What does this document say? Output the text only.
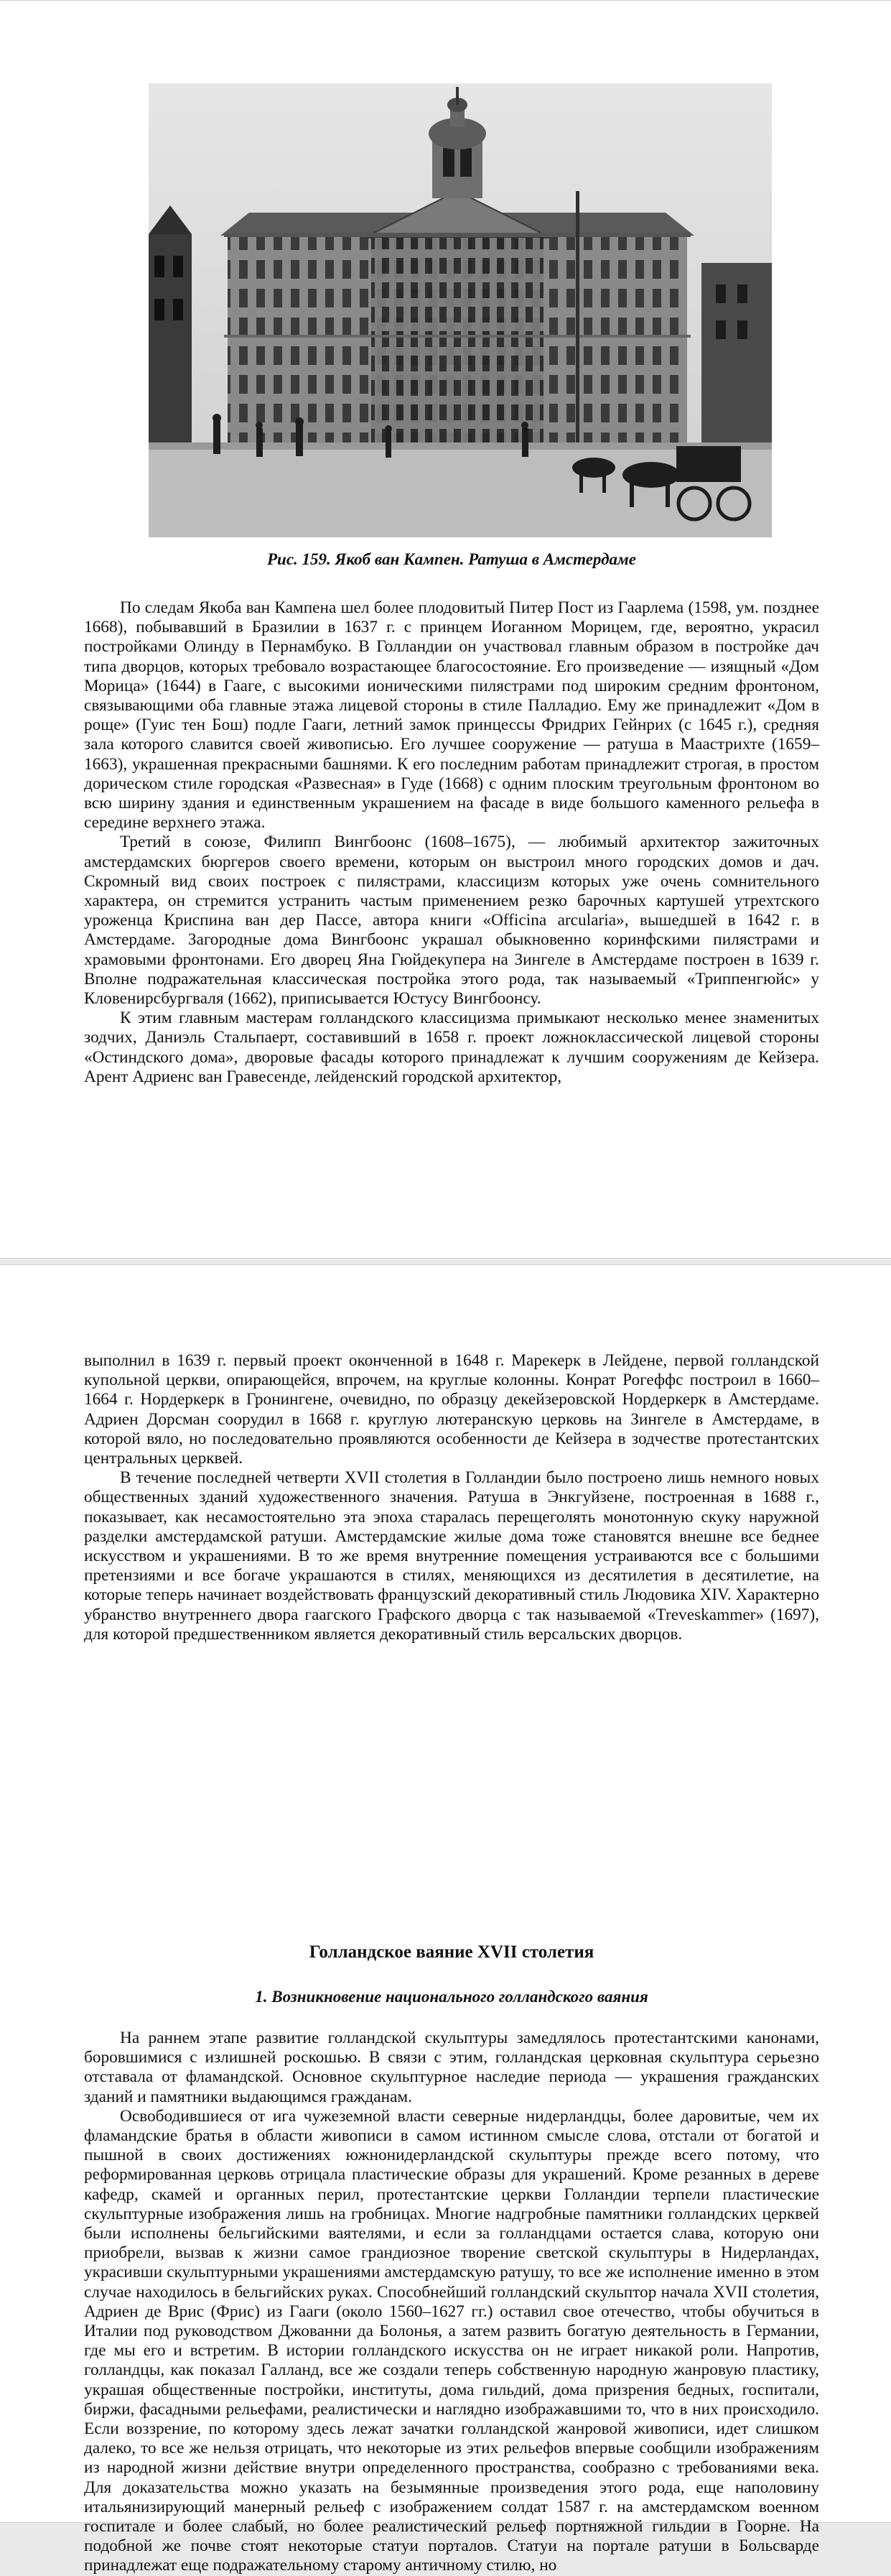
Рис. 159. Якоб ван Кампен. Ратуша в Амстердаме

По следам Якоба ван Кампена шел более плодовитый Питер Пост из Гаарлема (1598, ум. позднее 1668), побывавший в Бразилии в 1637 г. с принцем Иоганном Морицем, где, вероятно, украсил постройками Олинду в Пернамбуко. В Голландии он участвовал главным образом в постройке дач типа дворцов, которых требовало возрастающее благосостояние. Его произведение — изящный «Дом Морица» (1644) в Гааге, с высокими ионическими пилястрами под широким средним фронтоном, связывающими оба главные этажа лицевой стороны в стиле Палладио. Ему же принадлежит «Дом в роще» (Гуис тен Бош) подле Гааги, летний замок принцессы Фридрих Гейнрих (с 1645 г.), средняя зала которого славится своей живописью. Его лучшее сооружение — ратуша в Маастрихте (1659–1663), украшенная прекрасными башнями. К его последним работам принадлежит строгая, в простом дорическом стиле городская «Развесная» в Гуде (1668) с одним плоским треугольным фронтоном во всю ширину здания и единственным украшением на фасаде в виде большого каменного рельефа в середине верхнего этажа.

Третий в союзе, Филипп Вингбоонс (1608–1675), — любимый архитектор зажиточных амстердамских бюргеров своего времени, которым он выстроил много городских домов и дач. Скромный вид своих построек с пилястрами, классицизм которых уже очень сомнительного характера, он стремится устранить частым применением резко барочных картушей утрехтского уроженца Криспина ван дер Пассе, автора книги «Officina arcularia», вышедшей в 1642 г. в Амстердаме. Загородные дома Вингбоонс украшал обыкновенно коринфскими пилястрами и храмовыми фронтонами. Его дворец Яна Гюйдекупера на Зингеле в Амстердаме построен в 1639 г. Вполне подражательная классическая постройка этого рода, так называемый «Триппенгюйс» у Кловенирсбургваля (1662), приписывается Юстусу Вингбоонсу.

К этим главным мастерам голландского классицизма примыкают несколько менее знаменитых зодчих, Даниэль Стальпаерт, составивший в 1658 г. проект ложноклассической лицевой стороны «Остиндского дома», дворовые фасады которого принадлежат к лучшим сооружениям де Кейзера. Арент Адриенс ван Гравесенде, лейденский городской архитектор,

выполнил в 1639 г. первый проект оконченной в 1648 г. Марекерк в Лейдене, первой голландской купольной церкви, опирающейся, впрочем, на круглые колонны. Конрат Рогеффс построил в 1660–1664 г. Нордеркерк в Гронингене, очевидно, по образцу декейзеровской Нордеркерк в Амстердаме. Адриен Дорсман соорудил в 1668 г. круглую лютеранскую церковь на Зингеле в Амстердаме, в которой вяло, но последовательно проявляются особенности де Кейзера в зодчестве протестантских центральных церквей.

В течение последней четверти XVII столетия в Голландии было построено лишь немного новых общественных зданий художественного значения. Ратуша в Энкгуйзене, построенная в 1688 г., показывает, как несамостоятельно эта эпоха старалась перещеголять монотонную скуку наружной разделки амстердамской ратуши. Амстердамские жилые дома тоже становятся внешне все беднее искусством и украшениями. В то же время внутренние помещения устраиваются все с большими претензиями и все богаче украшаются в стилях, меняющихся из десятилетия в десятилетие, на которые теперь начинает воздействовать французский декоративный стиль Людовика XIV. Характерно убранство внутреннего двора гаагского Графского дворца с так называемой «Treveskammer» (1697), для которой предшественником является декоративный стиль версальских дворцов.

Голландское ваяние XVII столетия
1. Возникновение национального голландского ваяния

На раннем этапе развитие голландской скульптуры замедлялось протестантскими канонами, боровшимися с излишней роскошью. В связи с этим, голландская церковная скульптура серьезно отставала от фламандской. Основное скульптурное наследие периода — украшения гражданских зданий и памятники выдающимся гражданам.

Освободившиеся от ига чужеземной власти северные нидерландцы, более даровитые, чем их фламандские братья в области живописи в самом истинном смысле слова, отстали от богатой и пышной в своих достижениях южнонидерландской скульптуры прежде всего потому, что реформированная церковь отрицала пластические образы для украшений. Кроме резанных в дереве кафедр, скамей и органных перил, протестантские церкви Голландии терпели пластические скульптурные изображения лишь на гробницах. Многие надгробные памятники голландских церквей были исполнены бельгийскими ваятелями, и если за голландцами остается слава, которую они приобрели, вызвав к жизни самое грандиозное творение светской скульптуры в Нидерландах, украсивши скульптурными украшениями амстердамскую ратушу, то все же исполнение именно в этом случае находилось в бельгийских руках. Способнейший голландский скульптор начала XVII столетия, Адриен де Врис (Фрис) из Гааги (около 1560–1627 гг.) оставил свое отечество, чтобы обучиться в Италии под руководством Джованни да Болонья, а затем развить богатую деятельность в Германии, где мы его и встретим. В истории голландского искусства он не играет никакой роли. Напротив, голландцы, как показал Галланд, все же создали теперь собственную народную жанровую пластику, украшая общественные постройки, институты, дома гильдий, дома призрения бедных, госпитали, биржи, фасадными рельефами, реалистически и наглядно изображавшими то, что в них происходило. Если воззрение, по которому здесь лежат зачатки голландской жанровой живописи, идет слишком далеко, то все же нельзя отрицать, что некоторые из этих рельефов впервые сообщили изображениям из народной жизни действие внутри определенного пространства, сообразно с требованиями века. Для доказательства можно указать на безымянные произведения этого рода, еще наполовину итальянизирующий манерный рельеф с изображением солдат 1587 г. на амстердамском военном госпитале и более слабый, но более реалистический рельеф портняжной гильдии в Гоорне. На подобной же почве стоят некоторые статуи порталов. Статуи на портале ратуши в Больсварде принадлежат еще подражательному старому античному стилю, но
